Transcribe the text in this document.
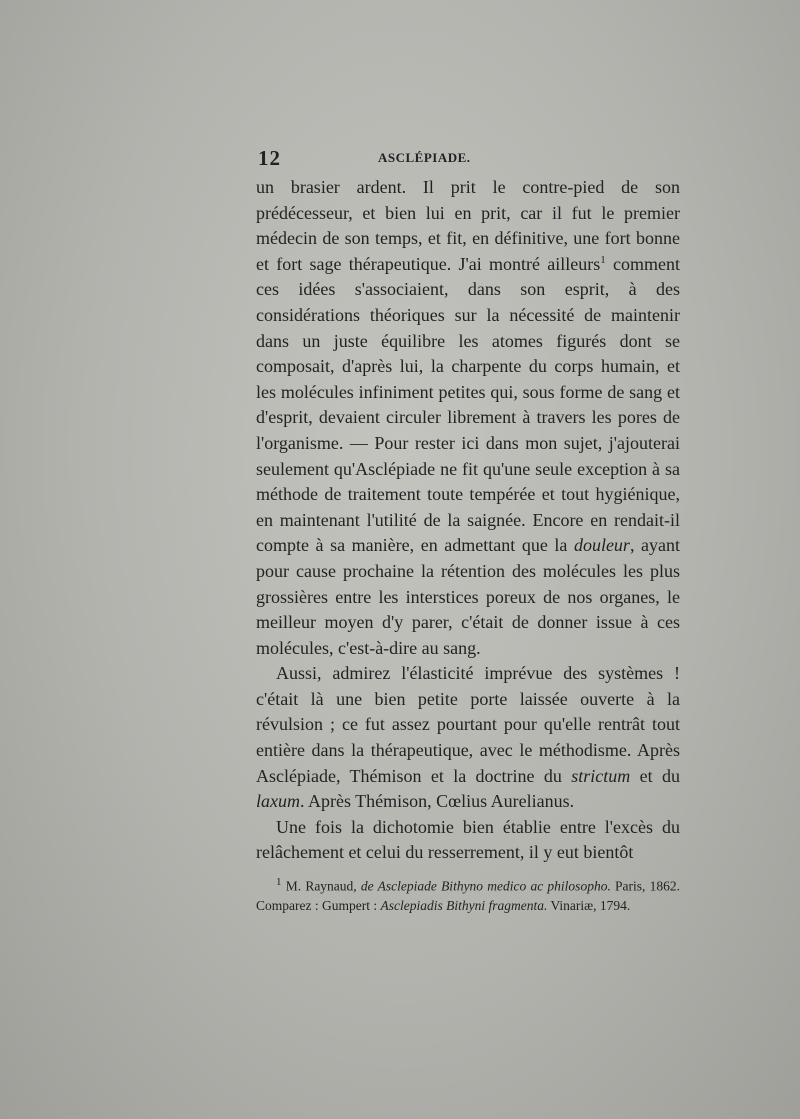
12	ASCLÉPIADE.

un brasier ardent. Il prit le contre-pied de son prédécesseur, et bien lui en prit, car il fut le premier médecin de son temps, et fit, en définitive, une fort bonne et fort sage thérapeutique. J'ai montré ailleurs$^1$ comment ces idées s'associaient, dans son esprit, à des considérations théoriques sur la nécessité de maintenir dans un juste équilibre les atomes figurés dont se composait, d'après lui, la charpente du corps humain, et les molécules infiniment petites qui, sous forme de sang et d'esprit, devaient circuler librement à travers les pores de l'organisme. — Pour rester ici dans mon sujet, j'ajouterai seulement qu'Asclépiade ne fit qu'une seule exception à sa méthode de traitement toute tempérée et tout hygiénique, en maintenant l'utilité de la saignée. Encore en rendait-il compte à sa manière, en admettant que la douleur, ayant pour cause prochaine la rétention des molécules les plus grossières entre les interstices poreux de nos organes, le meilleur moyen d'y parer, c'était de donner issue à ces molécules, c'est-à-dire au sang.

Aussi, admirez l'élasticité imprévue des systèmes ! c'était là une bien petite porte laissée ouverte à la révulsion ; ce fut assez pourtant pour qu'elle rentrât tout entière dans la thérapeutique, avec le méthodisme. Après Asclépiade, Thémison et la doctrine du strictum et du laxum. Après Thémison, Cœlius Aurelianus.

Une fois la dichotomie bien établie entre l'excès du relâchement et celui du resserrement, il y eut bientôt

$^1$ M. Raynaud, de Asclepiade Bithyno medico ac philosopho. Paris, 1862. Comparez : Gumpert : Asclepiadis Bithyni fragmenta. Vinariæ, 1794.
